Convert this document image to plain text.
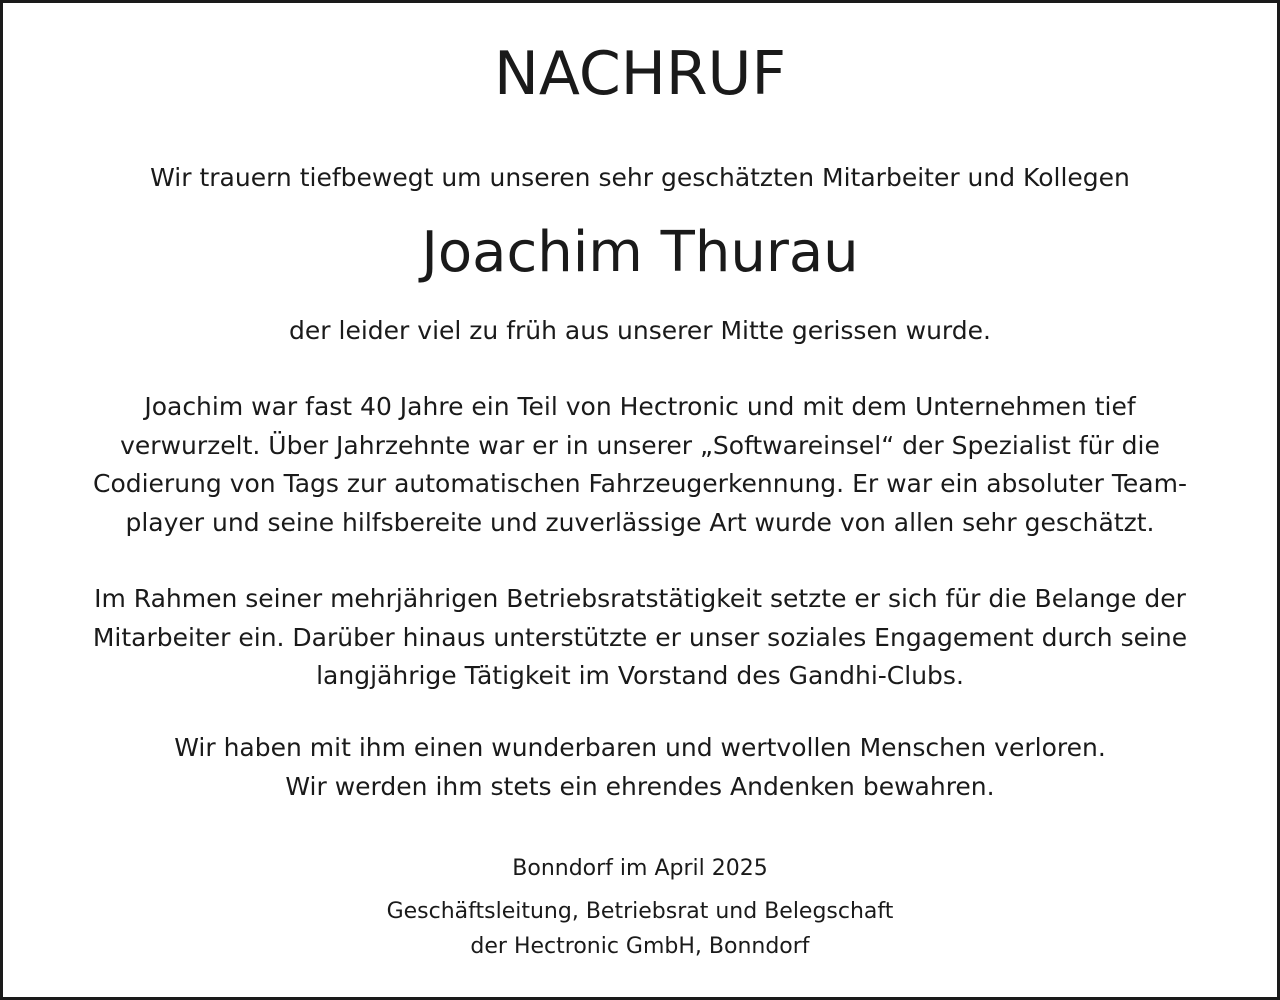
NACHRUF
Wir trauern tiefbewegt um unseren sehr geschätzten Mitarbeiter und Kollegen
Joachim Thurau
der leider viel zu früh aus unserer Mitte gerissen wurde.
Joachim war fast 40 Jahre ein Teil von Hectronic und mit dem Unternehmen tief
verwurzelt. Über Jahrzehnte war er in unserer „Softwareinsel“ der Spezialist für die
Codierung von Tags zur automatischen Fahrzeugerkennung. Er war ein absoluter Team-
player und seine hilfsbereite und zuverlässige Art wurde von allen sehr geschätzt.
Im Rahmen seiner mehrjährigen Betriebsratstätigkeit setzte er sich für die Belange der
Mitarbeiter ein. Darüber hinaus unterstützte er unser soziales Engagement durch seine
langjährige Tätigkeit im Vorstand des Gandhi-Clubs.
Wir haben mit ihm einen wunderbaren und wertvollen Menschen verloren.
Wir werden ihm stets ein ehrendes Andenken bewahren.
Bonndorf im April 2025
Geschäftsleitung, Betriebsrat und Belegschaft
der Hectronic GmbH, Bonndorf
